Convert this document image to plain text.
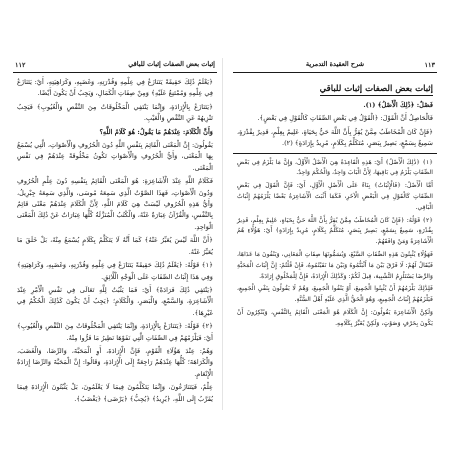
إثبات بعض الصفات إثبات للباقي
١١٢

﴿يَعْلَمُ ذَٰلِكَ حَقِيقَةً يَتَنَازَعُ فِي عِلْمِهِ وَقُدْرَتِهِ، وَغَضَبِهِ، وَكَرَاهِيَتِهِ، أَيْ: يَتَنَازَعُ فِي عِلْمِهِ وَمُمْتَنِعٌ عَلَيْهِ﴾ وَمِنْ صِفَاتِ الْكَمَالِ، وَيَجِبُ أَنْ يَكُونَ أَيْضًا.

﴿يَتَنَازَعُ بِالْإِرَادَةِ، وَإِنَّمَا يَنْتَفِي الْمَخْلُوقَاتُ مِنَ النَّقْصِ وَالْعُيُوبِ﴾ فَيَجِبُ تَنْزِيهُهُ عَنِ النَّقْصِ وَالْعَيْبِ.

وَأَنَّ الْكَلَامَ: عِنْدَهُمْ مَا يَقُولُ: هُوَ كَلَامُ اللَّهِ؟

يَقُولُونَ: إِنَّ الْمَعْنَى الْقَائِمَ بِنَفْسِ اللَّهِ دُونَ الْحُرُوفِ وَالْأَصْوَاتِ، الَّتِي يُسْمَعُ بِهَا الْمَعْنَى، وَأَيُّ الْحُرُوفِ وَالْأَصْوَاتِ تَكُونُ مَخْلُوقَةً عِنْدَهُمْ فِي نَفْسِ الْمَعْنَى.

فَكَلَامُ اللَّهِ عِنْدَ الْأَشَاعِرَةِ: هُوَ الْمَعْنَى الْقَائِمُ بِنَفْسِهِ دُونَ عِلْمِ الْحُرُوفِ وَدُونَ الْأَصْوَاتِ، فَهَذَا الصَّوْتُ الَّذِي سَمِعَهُ مُوسَى، وَالَّذِي سَمِعَهُ جِبْرِيلُ، وَأَيُّ هَذِهِ الْحُرُوفِ لَيْسَتْ هِيَ كَلَامَ اللَّهِ، لِأَنَّ الْكَلَامَ عِنْدَهُمْ مَعْنًى قَائِمٌ بِالنَّفْسِ، وَالْقُرْآنُ عِبَارَةٌ عَنْهُ، وَالْكُتُبُ الْمُنَزَّلَةُ كُلُّهَا عِبَارَاتٌ عَنْ ذَٰلِكَ الْمَعْنَى الْوَاحِدِ.

﴿أَنَّ اللَّهَ لَيْسَ يُعَبِّرُ عَنْهُ﴾ كَمَا أَنَّهُ لَا يَتَكَلَّمُ بِكَلَامٍ يُسْمَعُ مِنْهُ، بَلْ خَلَقَ مَا يُعَبِّرُ عَنْهُ.

﴿١﴾ قَوْلُهُ: ﴿يَعْلَمُ ذَٰلِكَ حَقِيقَةً يَتَنَازَعُ فِي عِلْمِهِ وَقُدْرَتِهِ، وَغَضَبِهِ، وَكَرَاهِيَتِهِ﴾ وَفِي هَذَا إِثْبَاتُ الصِّفَاتِ عَلَى الْوَجْهِ الْلَّائِقِ.

﴿يَنْتَفِي ذَٰلِكَ فَرَادَةً﴾ أَيْ: فَمَا يَثْبُتُ لِلَّهِ تَعَالَى فِي نَفْسِ الْأَمْرِ عِنْدَ الْأَشَاعِرَةِ، وَالسَّمْعِ، وَالْبَصَرِ، وَالْكَلَامِ؛ ﴿يَجِبُ أَنْ يَكُونَ كَذَٰلِكَ الْحُكْمُ فِي غَيْرِهَا﴾.

﴿٢﴾ قَوْلُهُ: ﴿يَتَنَازَعُ بِالْإِرَادَةِ، وَإِنَّمَا يَنْتَفِي الْمَخْلُوقَاتُ مِنَ النَّقْصِ وَالْعُيُوبِ﴾ أَيْ: فَيَلْزَمُهُمْ فِي الصِّفَاتِ الَّتِي نَفَوْهَا نَظِيرُ مَا فَرُّوا مِنْهُ.

وَهُمْ: عِنْدَ هَؤُلَاءِ الْقَوْمِ، فَإِنَّ الْإِرَادَةَ، أَوِ الْمَحَبَّةَ، وَالرِّضَا، وَالْغَضَبَ، وَالْكَرَاهَةَ؛ كُلُّهَا عِنْدَهُمْ رَاجِعَةٌ إِلَى الْإِرَادَةِ، وَقَالُوا: إِنَّ الْمَحَبَّةَ وَالرِّضَا إِرَادَةُ الْإِنْعَامِ.

عِلْمٌ، فَيَتَنَازَعُونَ، وَإِنَّمَا يَتَكَلَّمُونَ فِيمَا لَا يَعْلَمُونَ، بَلْ يَثْبُتُونَ الْإِرَادَةَ فِيمَا يُقَرَّبُ إِلَى اللَّهِ، ﴿يُرِيدُ﴾ ﴿يُحِبُّ﴾ ﴿يَرْضَى﴾ ﴿يَغْضَبُ﴾.

١١٣
شرح العقيدة التدمرية
إثبات بعض الصفات إثبات للباقي

فَصْلٌ: ﴿ذَٰلِكَ الْأَصْلُ﴾ (١).

فَالْحَاصِلُ أَنَّ الْقَوْلَ: ﴿الْقَوْلُ فِي بَعْضِ الصِّفَاتِ كَالْقَوْلِ فِي بَعْضٍ﴾.

﴿فَإِنْ كَانَ الْمُخَاطَبُ مِمَّنْ يُقِرُّ بِأَنَّ اللَّهَ حَيٌّ بِحَيَاةٍ، عَلِيمٌ بِعِلْمٍ، قَدِيرٌ بِقُدْرَةٍ، سَمِيعٌ بِسَمْعٍ، بَصِيرٌ بِبَصَرٍ، مُتَكَلِّمٌ بِكَلَامٍ، مُرِيدٌ بِإِرَادَةٍ﴾ (٢).

﴿١﴾ ﴿ذَٰلِكَ الْأَصْلُ﴾ أَيْ: هَذِهِ الْقَاعِدَةُ هِيَ الْأَصْلُ الْأَوَّلُ، وَإِنَّ مَا يَلْزَمُ فِي بَعْضِ الصِّفَاتِ يَلْزَمُ فِي بَاقِيهَا، لِأَنَّ الْبَابَ وَاحِدٌ، وَالْحُكْمَ وَاحِدٌ.

أَمَّا الْأَصْلُ: ﴿فَالْإِثْبَاتُ﴾ بِنَاءً عَلَى الْأَصْلِ الْأَوَّلِ، أَيْ: فَإِنَّ الْقَوْلَ فِي بَعْضِ الصِّفَاتِ كَالْقَوْلِ فِي الْبَعْضِ الْآخَرِ، فَكَمَا أَثْبَتَ الْأَشَاعِرَةُ بَعْضًا يَلْزَمُهُمْ إِثْبَاتُ الْبَاقِي.

﴿٢﴾ قَوْلُهُ: ﴿فَإِنْ كَانَ الْمُخَاطَبُ مِمَّنْ يُقِرُّ بِأَنَّ اللَّهَ حَيٌّ بِحَيَاةٍ، عَلِيمٌ بِعِلْمٍ، قَدِيرٌ بِقُدْرَةٍ، سَمِيعٌ بِسَمْعٍ، بَصِيرٌ بِبَصَرٍ، مُتَكَلِّمٌ بِكَلَامٍ، مُرِيدٌ بِإِرَادَةٍ﴾ أَيْ: هَؤُلَاءِ هُمُ الْأَشَاعِرَةُ وَمَنْ وَافَقَهُمْ.

فَهَؤُلَاءِ يُثْبِتُونَ هَذِهِ الصِّفَاتِ السَّبْعَ، وَيُسَمُّونَهَا صِفَاتِ الْمَعَانِي، وَيَنْفُونَ مَا عَدَاهَا، فَيُقَالُ لَهُمْ: لَا فَرْقَ بَيْنَ مَا أَثْبَتُّمُوهُ وَبَيْنَ مَا نَفَيْتُمُوهُ، فَإِنْ قُلْتُمْ: إِنَّ إِثْبَاتَ الْمَحَبَّةِ وَالرِّضَا يَسْتَلْزِمُ التَّشْبِيهَ، قِيلَ لَكُمْ: وَكَذَٰلِكَ الْإِرَادَةُ، فَإِنَّ لِلْمَخْلُوقِ إِرَادَةً.

فَلِذَٰلِكَ يَلْزَمُهُمْ أَنْ يُثْبِتُوا الْجَمِيعَ، أَوْ يَنْفُوا الْجَمِيعَ، وَهُمْ لَا يَقُولُونَ بِنَفْيِ الْجَمِيعِ، فَيَلْزَمُهُمْ إِثْبَاتُ الْجَمِيعِ، وَهُوَ الْحَقُّ الَّذِي عَلَيْهِ أَهْلُ السُّنَّةِ.

وَلَكِنَّ الْأَشَاعِرَةَ يَقُولُونَ: إِنَّ الْكَلَامَ هُوَ الْمَعْنَى الْقَائِمُ بِالنَّفْسِ، وَيُنْكِرُونَ أَنْ يَكُونَ بِحَرْفٍ وَصَوْتٍ، وَلَكِنْ يُعَبِّرُ بِكَلَامِهِ.
